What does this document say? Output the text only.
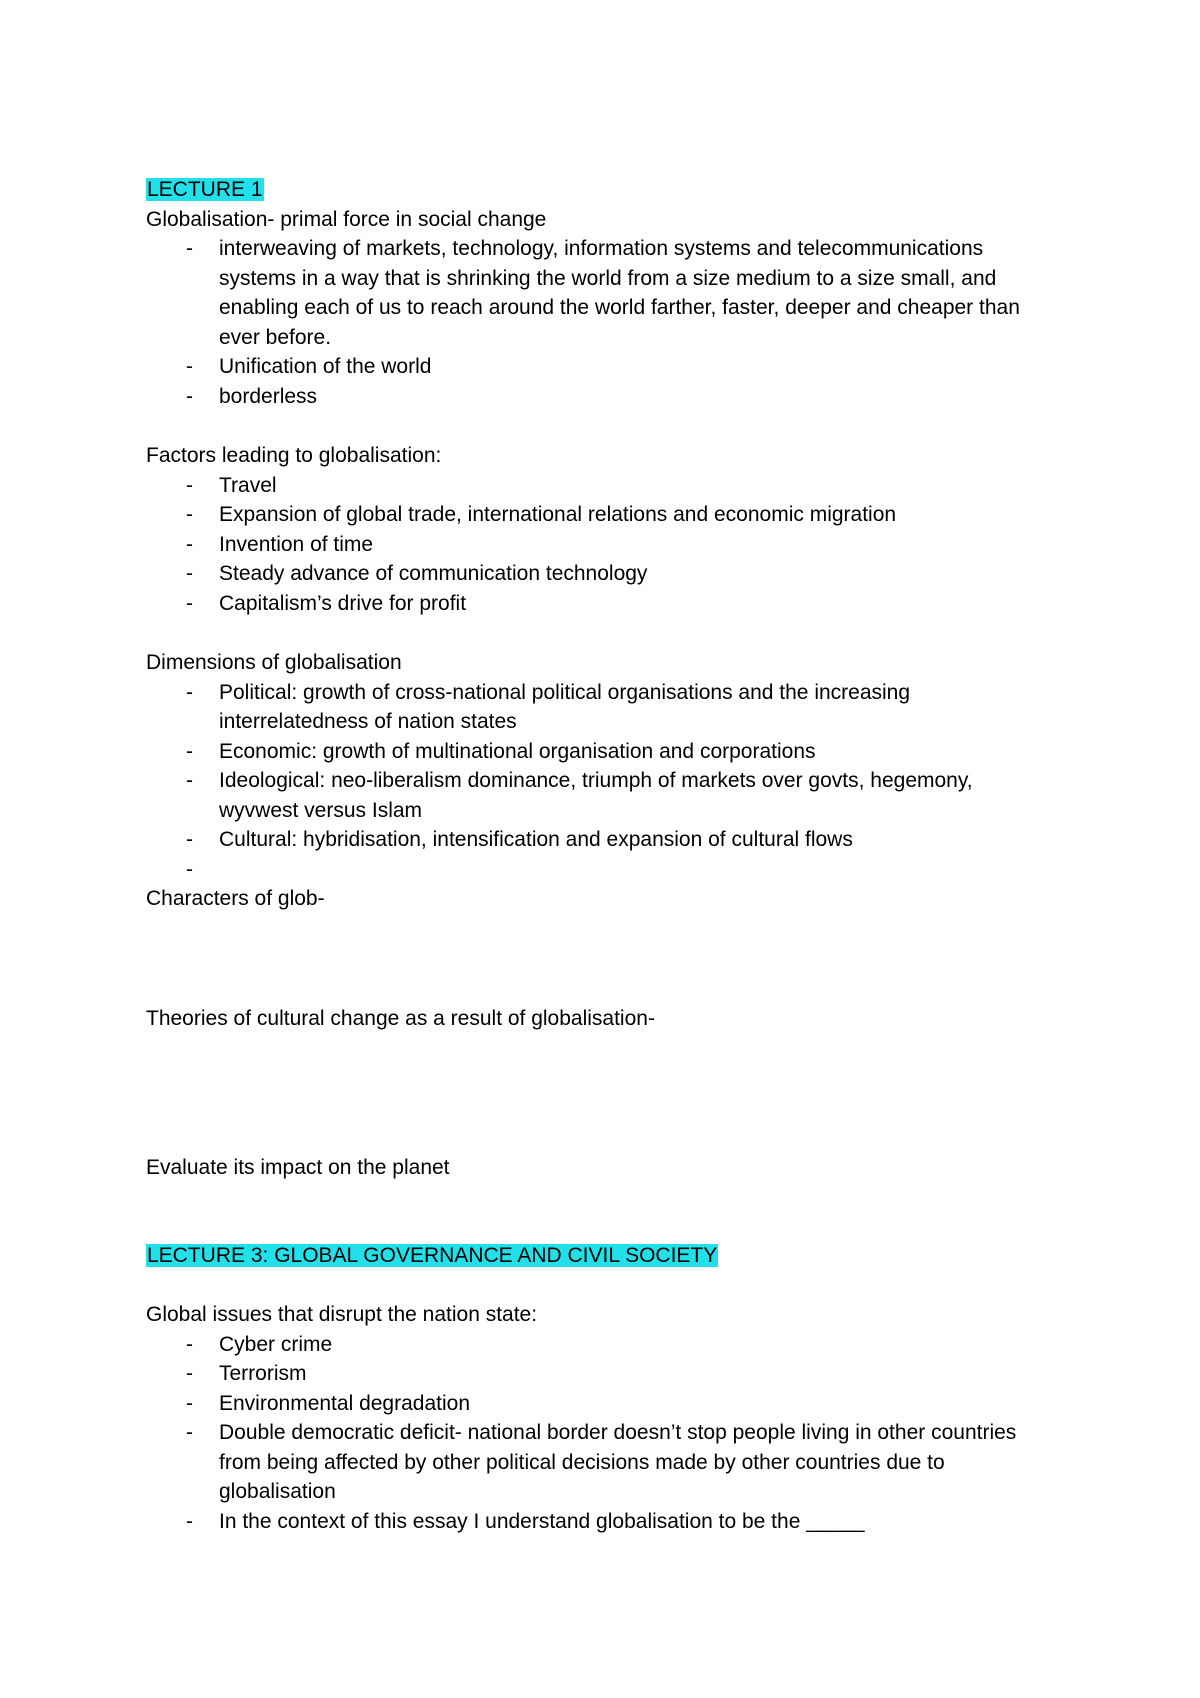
LECTURE 1

Globalisation- primal force in social change

- interweaving of markets, technology, information systems and telecommunications systems in a way that is shrinking the world from a size medium to a size small, and enabling each of us to reach around the world farther, faster, deeper and cheaper than ever before.
- Unification of the world
- borderless

Factors leading to globalisation:

- Travel
- Expansion of global trade, international relations and economic migration
- Invention of time
- Steady advance of communication technology
- Capitalism’s drive for profit

Dimensions of globalisation

- Political: growth of cross-national political organisations and the increasing interrelatedness of nation states
- Economic: growth of multinational organisation and corporations
- Ideological: neo-liberalism dominance, triumph of markets over govts, hegemony, wyvwest versus Islam
- Cultural: hybridisation, intensification and expansion of cultural flows
-

Characters of glob-

Theories of cultural change as a result of globalisation-

Evaluate its impact on the planet

LECTURE 3: GLOBAL GOVERNANCE AND CIVIL SOCIETY

Global issues that disrupt the nation state:

- Cyber crime
- Terrorism
- Environmental degradation
- Double democratic deficit- national border doesn’t stop people living in other countries from being affected by other political decisions made by other countries due to globalisation
- In the context of this essay I understand globalisation to be the _____
